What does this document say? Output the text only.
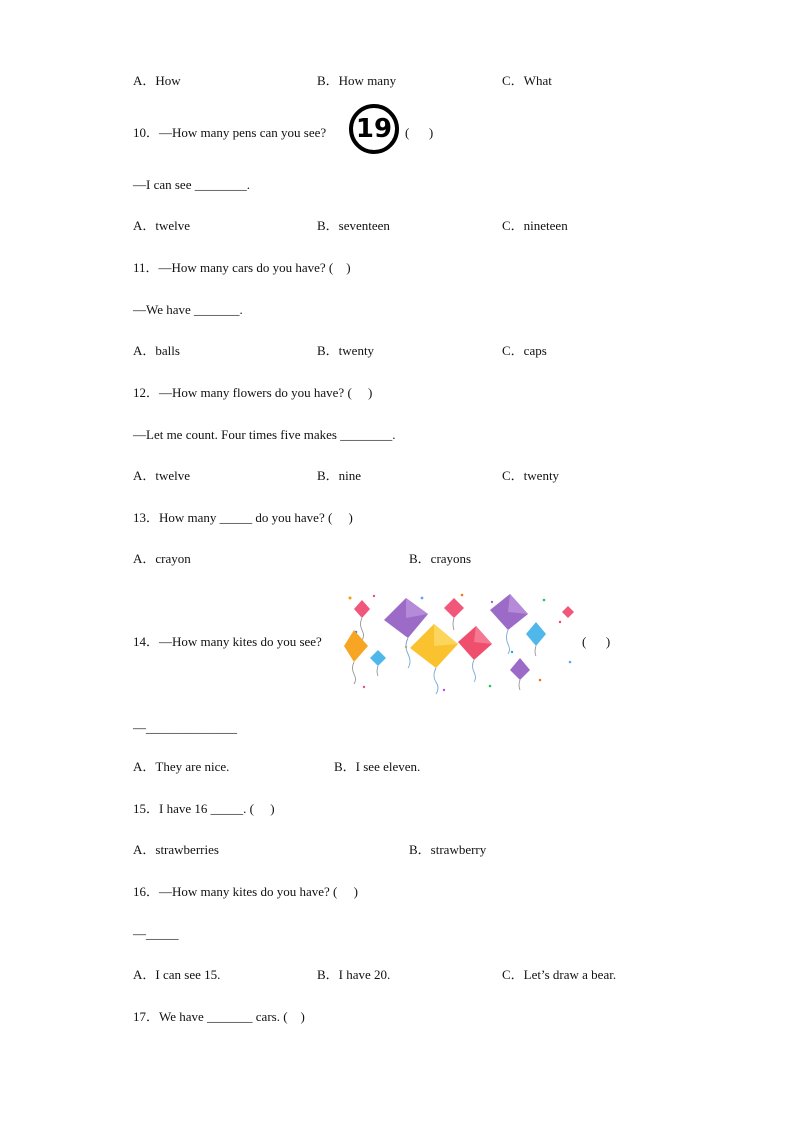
A．How	B．How many	C．What
10．—How many pens can you see? 19 (      )
—I can see ________.
A．twelve	B．seventeen	C．nineteen
11．—How many cars do you have? (    )
—We have _______.
A．balls	B．twenty	C．caps
12．—How many flowers do you have? (     )
—Let me count. Four times five makes ________.
A．twelve	B．nine	C．twenty
13．How many _____ do you have? (     )
A．crayon	B．crayons
14．—How many kites do you see?	(      )
—______________
A．They are nice.	B．I see eleven.
15．I have 16 _____. (     )
A．strawberries	B．strawberry
16．—How many kites do you have? (     )
—_____
A．I can see 15.	B．I have 20.	C．Let’s draw a bear.
17．We have _______ cars. (    )
